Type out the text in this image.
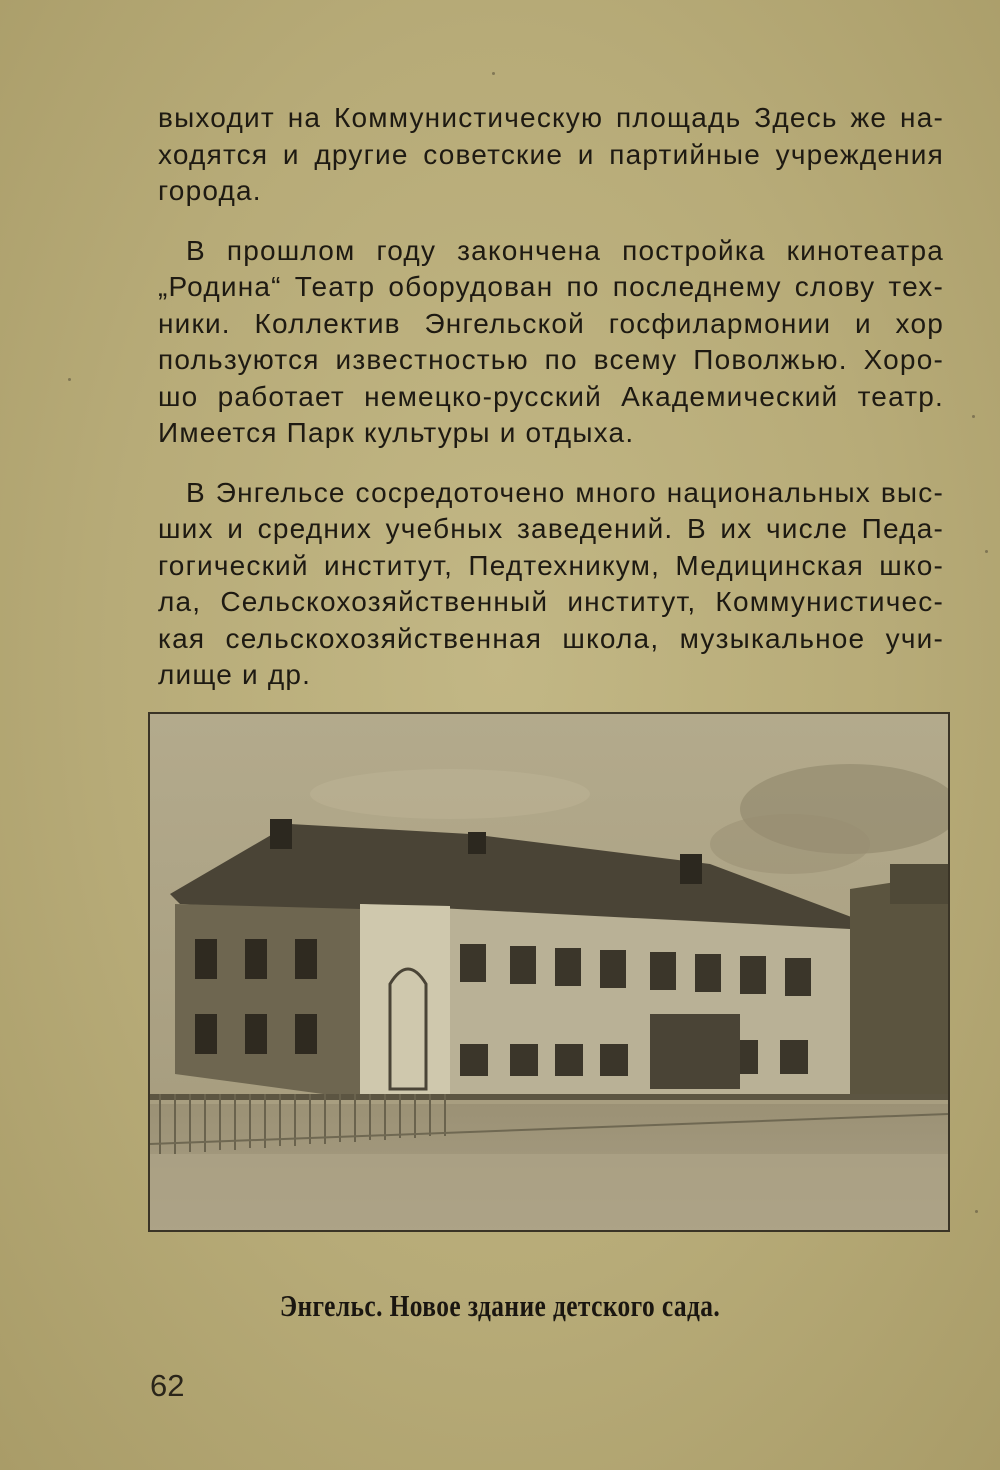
выходит на Коммунистическую площадь Здесь же на-
ходятся и другие советские и партийные учреждения
города.

В прошлом году закончена постройка кинотеатра
„Родина“ Театр оборудован по последнему слову тех-
ники. Коллектив Энгельской госфилармонии и хор
пользуются известностью по всему Поволжью. Хоро-
шо работает немецко-русский Академический театр.
Имеется Парк культуры и отдыха.

В Энгельсе сосредоточено много национальных выс-
ших и средних учебных заведений. В их числе Педа-
гогический институт, Педтехникум, Медицинская шко-
ла, Сельскохозяйственный институт, Коммунистичес-
кая сельскохозяйственная школа, музыкальное учи-
лище и др.

Энгельс. Новое здание детского сада.
62
